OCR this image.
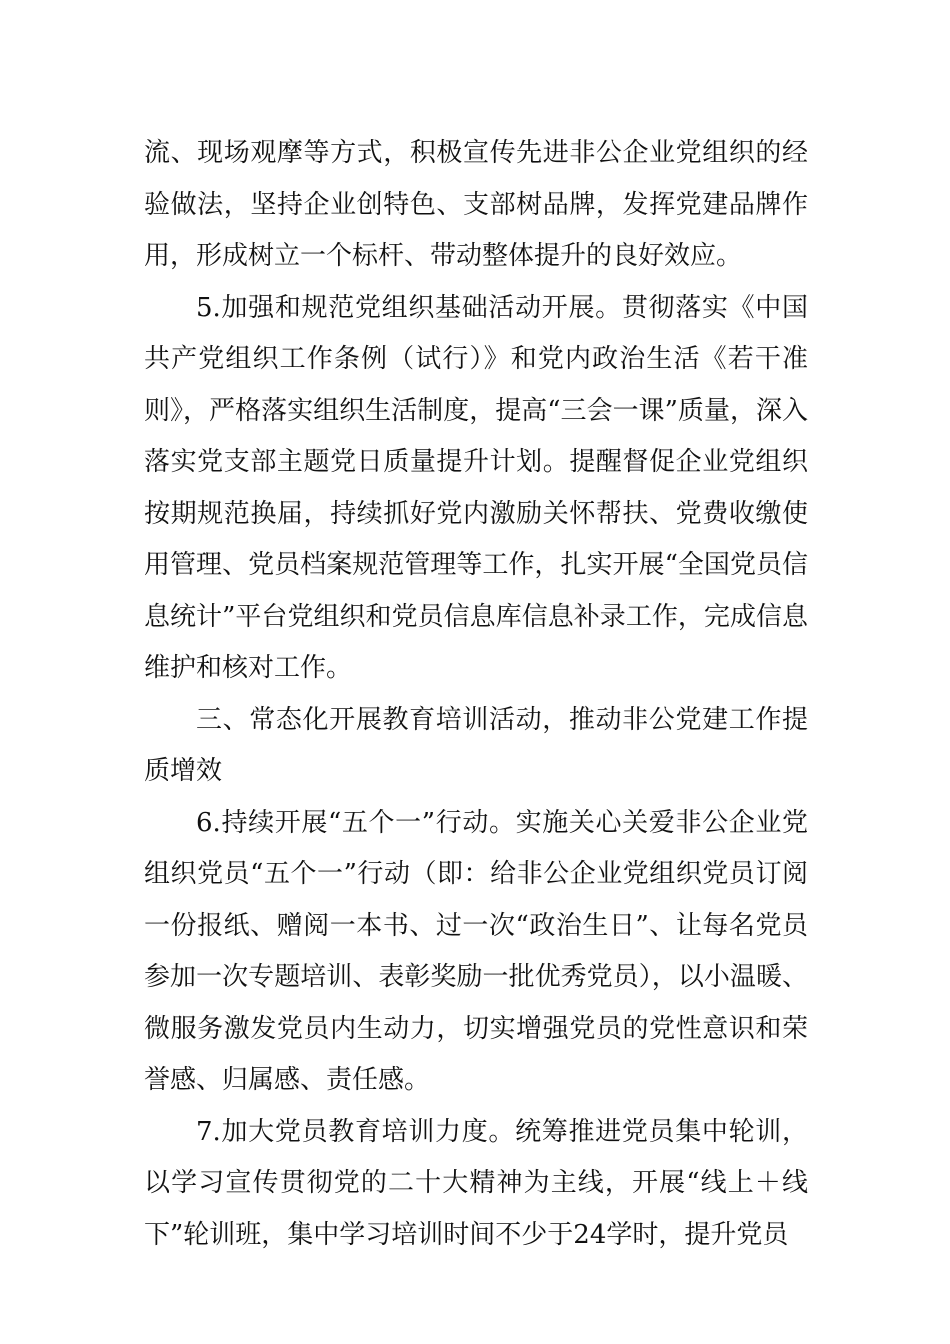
流、现场观摩等方式，积极宣传先进非公企业党组织的经验做法，坚持企业创特色、支部树品牌，发挥党建品牌作用，形成树立一个标杆、带动整体提升的良好效应。

5.加强和规范党组织基础活动开展。贯彻落实《中国共产党组织工作条例（试行）》和党内政治生活《若干准则》，严格落实组织生活制度，提高“三会一课”质量，深入落实党支部主题党日质量提升计划。提醒督促企业党组织按期规范换届，持续抓好党内激励关怀帮扶、党费收缴使用管理、党员档案规范管理等工作，扎实开展“全国党员信息统计”平台党组织和党员信息库信息补录工作，完成信息维护和核对工作。

三、常态化开展教育培训活动，推动非公党建工作提质增效

6.持续开展“五个一”行动。实施关心关爱非公企业党组织党员“五个一”行动（即：给非公企业党组织党员订阅一份报纸、赠阅一本书、过一次“政治生日”、让每名党员参加一次专题培训、表彰奖励一批优秀党员），以小温暖、微服务激发党员内生动力，切实增强党员的党性意识和荣誉感、归属感、责任感。

7.加大党员教育培训力度。统筹推进党员集中轮训，以学习宣传贯彻党的二十大精神为主线，开展“线上＋线下”轮训班，集中学习培训时间不少于24学时，提升党员
